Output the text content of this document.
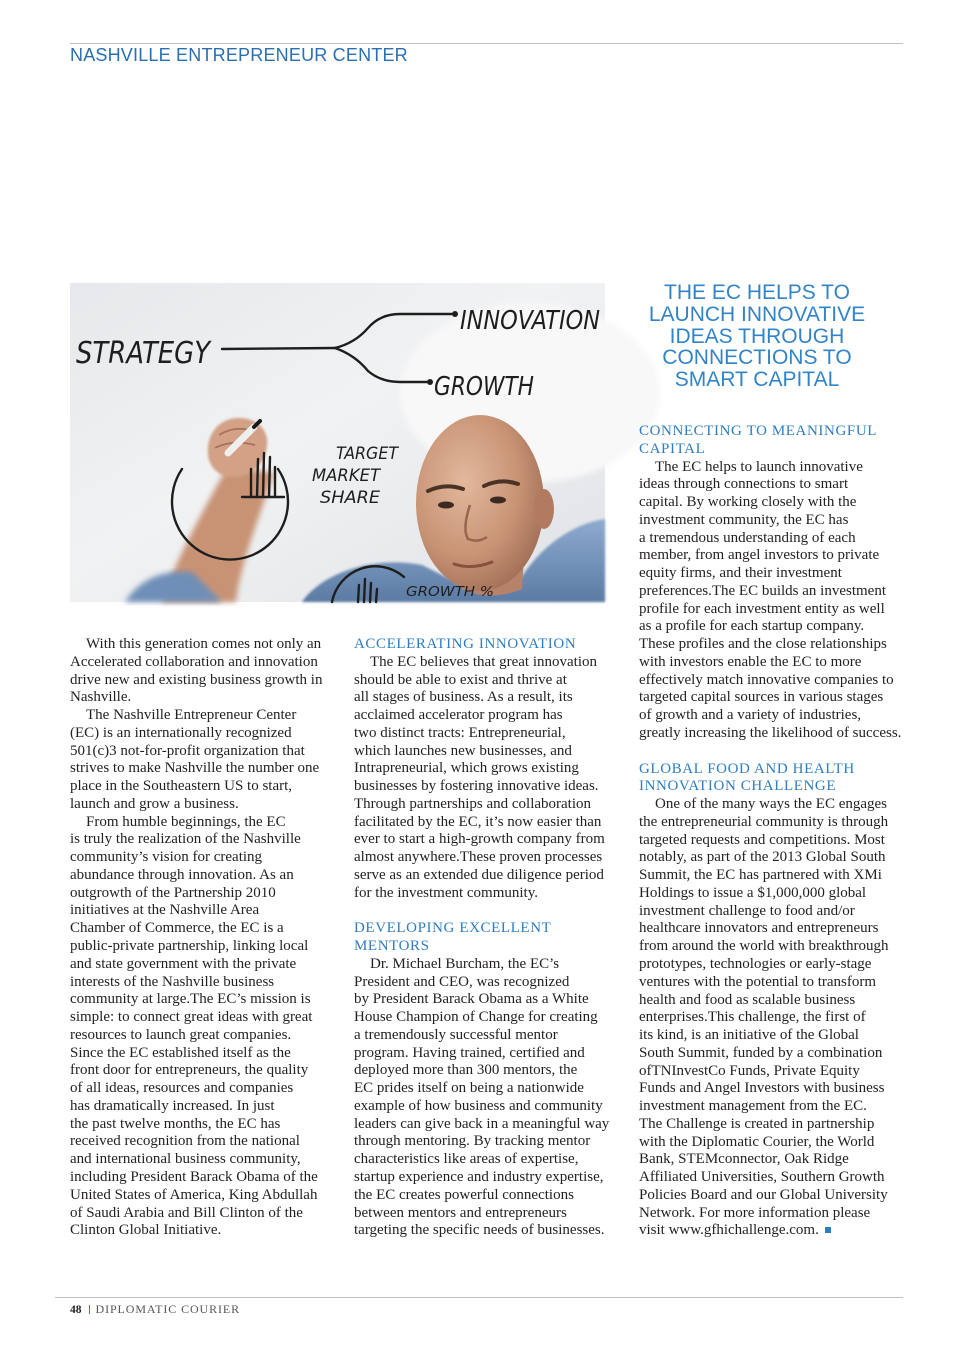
NASHVILLE ENTREPRENEUR CENTER
STRATEGY
INNOVATION
GROWTH
TARGET
MARKET
SHARE
GROWTH %
THE EC HELPS TO
LAUNCH INNOVATIVE
IDEAS THROUGH
CONNECTIONS TO
SMART CAPITAL
With this generation comes not only an
Accelerated collaboration and innovation
drive new and existing business growth in
Nashville.
The Nashville Entrepreneur Center
(EC) is an internationally recognized
501(c)3 not-for-profit organization that
strives to make Nashville the number one
place in the Southeastern US to start,
launch and grow a business.
From humble beginnings, the EC
is truly the realization of the Nashville
community’s vision for creating
abundance through innovation. As an
outgrowth of the Partnership 2010
initiatives at the Nashville Area
Chamber of Commerce, the EC is a
public-private partnership, linking local
and state government with the private
interests of the Nashville business
community at large.The EC’s mission is
simple: to connect great ideas with great
resources to launch great companies.
Since the EC established itself as the
front door for entrepreneurs, the quality
of all ideas, resources and companies
has dramatically increased. In just
the past twelve months, the EC has
received recognition from the national
and international business community,
including President Barack Obama of the
United States of America, King Abdullah
of Saudi Arabia and Bill Clinton of the
Clinton Global Initiative.
ACCELERATING INNOVATION
The EC believes that great innovation
should be able to exist and thrive at
all stages of business. As a result, its
acclaimed accelerator program has
two distinct tracts: Entrepreneurial,
which launches new businesses, and
Intrapreneurial, which grows existing
businesses by fostering innovative ideas.
Through partnerships and collaboration
facilitated by the EC, it’s now easier than
ever to start a high-growth company from
almost anywhere.These proven processes
serve as an extended due diligence period
for the investment community.
DEVELOPING EXCELLENT
MENTORS
Dr. Michael Burcham, the EC’s
President and CEO, was recognized
by President Barack Obama as a White
House Champion of Change for creating
a tremendously successful mentor
program. Having trained, certified and
deployed more than 300 mentors, the
EC prides itself on being a nationwide
example of how business and community
leaders can give back in a meaningful way
through mentoring. By tracking mentor
characteristics like areas of expertise,
startup experience and industry expertise,
the EC creates powerful connections
between mentors and entrepreneurs
targeting the specific needs of businesses.
CONNECTING TO MEANINGFUL
CAPITAL
The EC helps to launch innovative
ideas through connections to smart
capital. By working closely with the
investment community, the EC has
a tremendous understanding of each
member, from angel investors to private
equity firms, and their investment
preferences.The EC builds an investment
profile for each investment entity as well
as a profile for each startup company.
These profiles and the close relationships
with investors enable the EC to more
effectively match innovative companies to
targeted capital sources in various stages
of growth and a variety of industries,
greatly increasing the likelihood of success.
GLOBAL FOOD AND HEALTH
INNOVATION CHALLENGE
One of the many ways the EC engages
the entrepreneurial community is through
targeted requests and competitions. Most
notably, as part of the 2013 Global South
Summit, the EC has partnered with XMi
Holdings to issue a $1,000,000 global
investment challenge to food and/or
healthcare innovators and entrepreneurs
from around the world with breakthrough
prototypes, technologies or early-stage
ventures with the potential to transform
health and food as scalable business
enterprises.This challenge, the first of
its kind, is an initiative of the Global
South Summit, funded by a combination
ofTNInvestCo Funds, Private Equity
Funds and Angel Investors with business
investment management from the EC.
The Challenge is created in partnership
with the Diplomatic Courier, the World
Bank, STEMconnector, Oak Ridge
Affiliated Universities, Southern Growth
Policies Board and our Global University
Network. For more information please
visit www.gfhichallenge.com.
48 DIPLOMATIC COURIER
